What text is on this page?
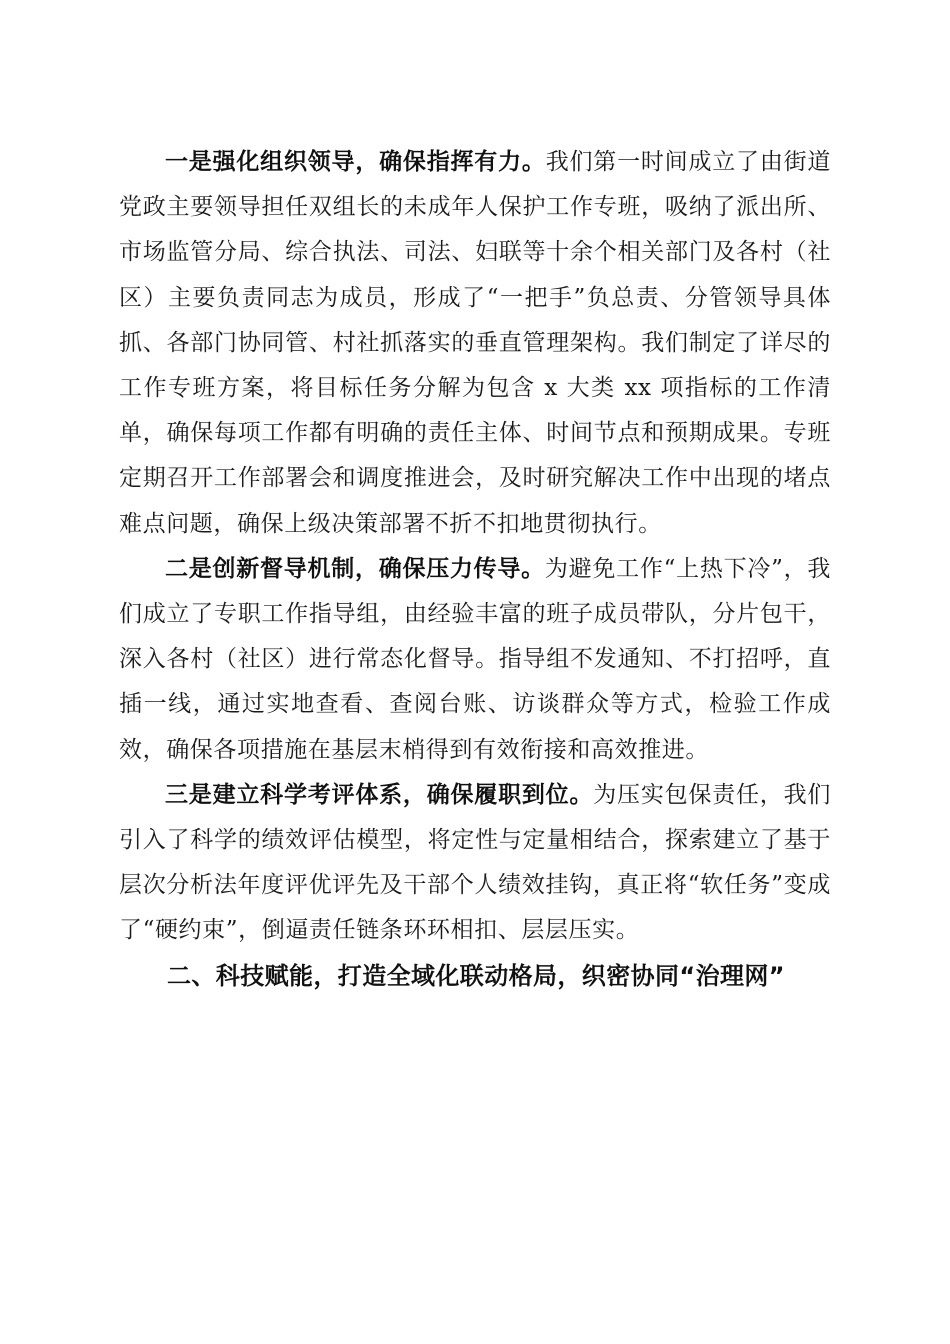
一是强化组织领导，确保指挥有力。我们第一时间成立了由街道党政主要领导担任双组长的未成年人保护工作专班，吸纳了派出所、市场监管分局、综合执法、司法、妇联等十余个相关部门及各村（社区）主要负责同志为成员，形成了“一把手”负总责、分管领导具体抓、各部门协同管、村社抓落实的垂直管理架构。我们制定了详尽的工作专班方案，将目标任务分解为包含 x 大类 xx 项指标的工作清单，确保每项工作都有明确的责任主体、时间节点和预期成果。专班定期召开工作部署会和调度推进会，及时研究解决工作中出现的堵点难点问题，确保上级决策部署不折不扣地贯彻执行。

二是创新督导机制，确保压力传导。为避免工作“上热下冷”，我们成立了专职工作指导组，由经验丰富的班子成员带队，分片包干，深入各村（社区）进行常态化督导。指导组不发通知、不打招呼，直插一线，通过实地查看、查阅台账、访谈群众等方式，检验工作成效，确保各项措施在基层末梢得到有效衔接和高效推进。

三是建立科学考评体系，确保履职到位。为压实包保责任，我们引入了科学的绩效评估模型，将定性与定量相结合，探索建立了基于层次分析法年度评优评先及干部个人绩效挂钩，真正将“软任务”变成了“硬约束”，倒逼责任链条环环相扣、层层压实。

二、科技赋能，打造全域化联动格局，织密协同“治理网”
